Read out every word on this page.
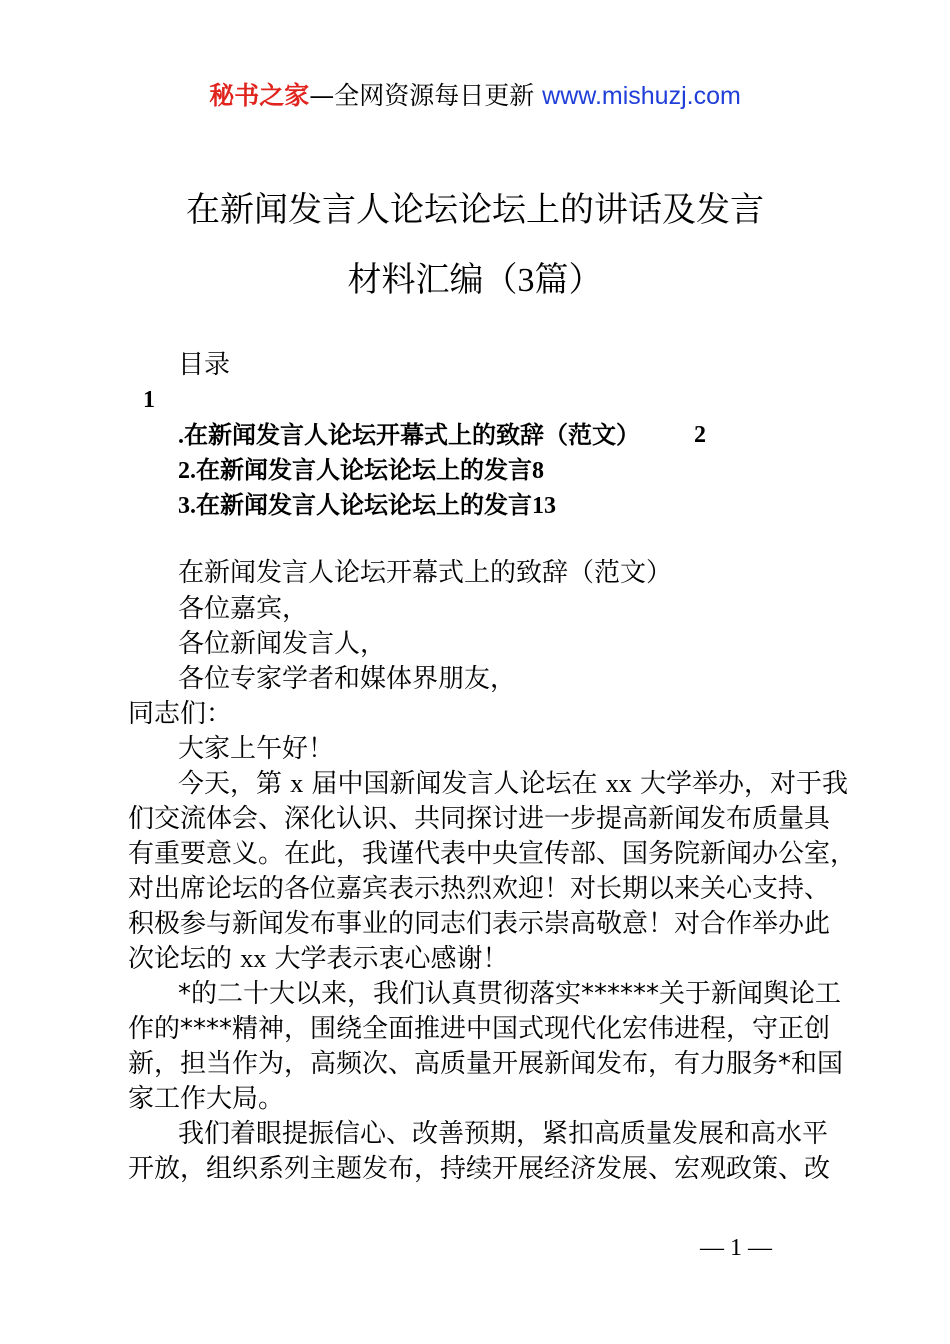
秘书之家—全网资源每日更新 www.mishuzj.com
在新闻发言人论坛论坛上的讲话及发言
材料汇编（3篇）
目录
1
.在新闻发言人论坛开幕式上的致辞（范文） 2
2.在新闻发言人论坛论坛上的发言8
3.在新闻发言人论坛论坛上的发言13
在新闻发言人论坛开幕式上的致辞（范文）
各位嘉宾，
各位新闻发言人，
各位专家学者和媒体界朋友，
同志们：
大家上午好！
今天，第 x 届中国新闻发言人论坛在 xx 大学举办，对于我
们交流体会、深化认识、共同探讨进一步提高新闻发布质量具
有重要意义。在此，我谨代表中央宣传部、国务院新闻办公室，
对出席论坛的各位嘉宾表示热烈欢迎！对长期以来关心支持、
积极参与新闻发布事业的同志们表示崇高敬意！对合作举办此
次论坛的 xx 大学表示衷心感谢！
*的二十大以来，我们认真贯彻落实******关于新闻舆论工
作的****精神，围绕全面推进中国式现代化宏伟进程，守正创
新，担当作为，高频次、高质量开展新闻发布，有力服务*和国
家工作大局。
我们着眼提振信心、改善预期，紧扣高质量发展和高水平
开放，组织系列主题发布，持续开展经济发展、宏观政策、改
— 1 —
